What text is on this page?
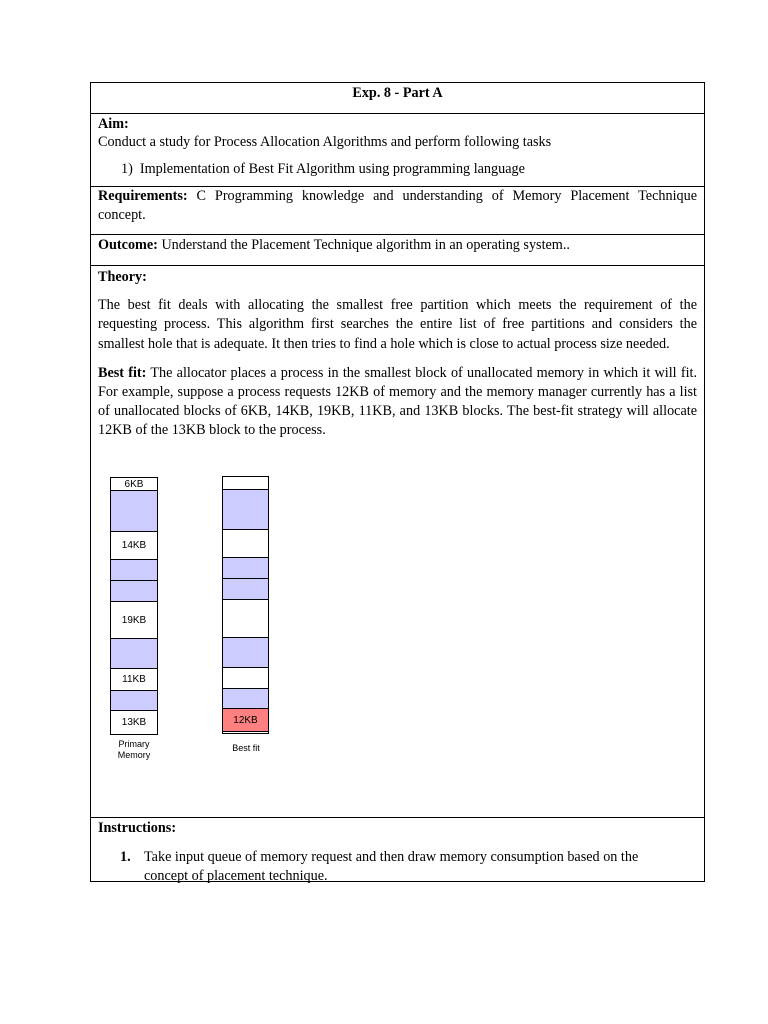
Exp. 8 - Part A
Aim:
Conduct a study for Process Allocation Algorithms and perform following tasks
1) Implementation of Best Fit Algorithm using programming language

Requirements: C Programming knowledge and understanding of Memory Placement Technique concept.

Outcome: Understand the Placement Technique algorithm in an operating system..
Theory:

The best fit deals with allocating the smallest free partition which meets the requirement of the requesting process. This algorithm first searches the entire list of free partitions and considers the smallest hole that is adequate. It then tries to find a hole which is close to actual process size needed.

Best fit: The allocator places a process in the smallest block of unallocated memory in which it will fit. For example, suppose a process requests 12KB of memory and the memory manager currently has a list of unallocated blocks of 6KB, 14KB, 19KB, 11KB, and 13KB blocks. The best-fit strategy will allocate 12KB of the 13KB block to the process.

Instructions:
1. Take input queue of memory request and then draw memory consumption based on the concept of placement technique.
6KB
14KB
19KB
11KB
13KB
Primary
Memory
12KB
Best fit
